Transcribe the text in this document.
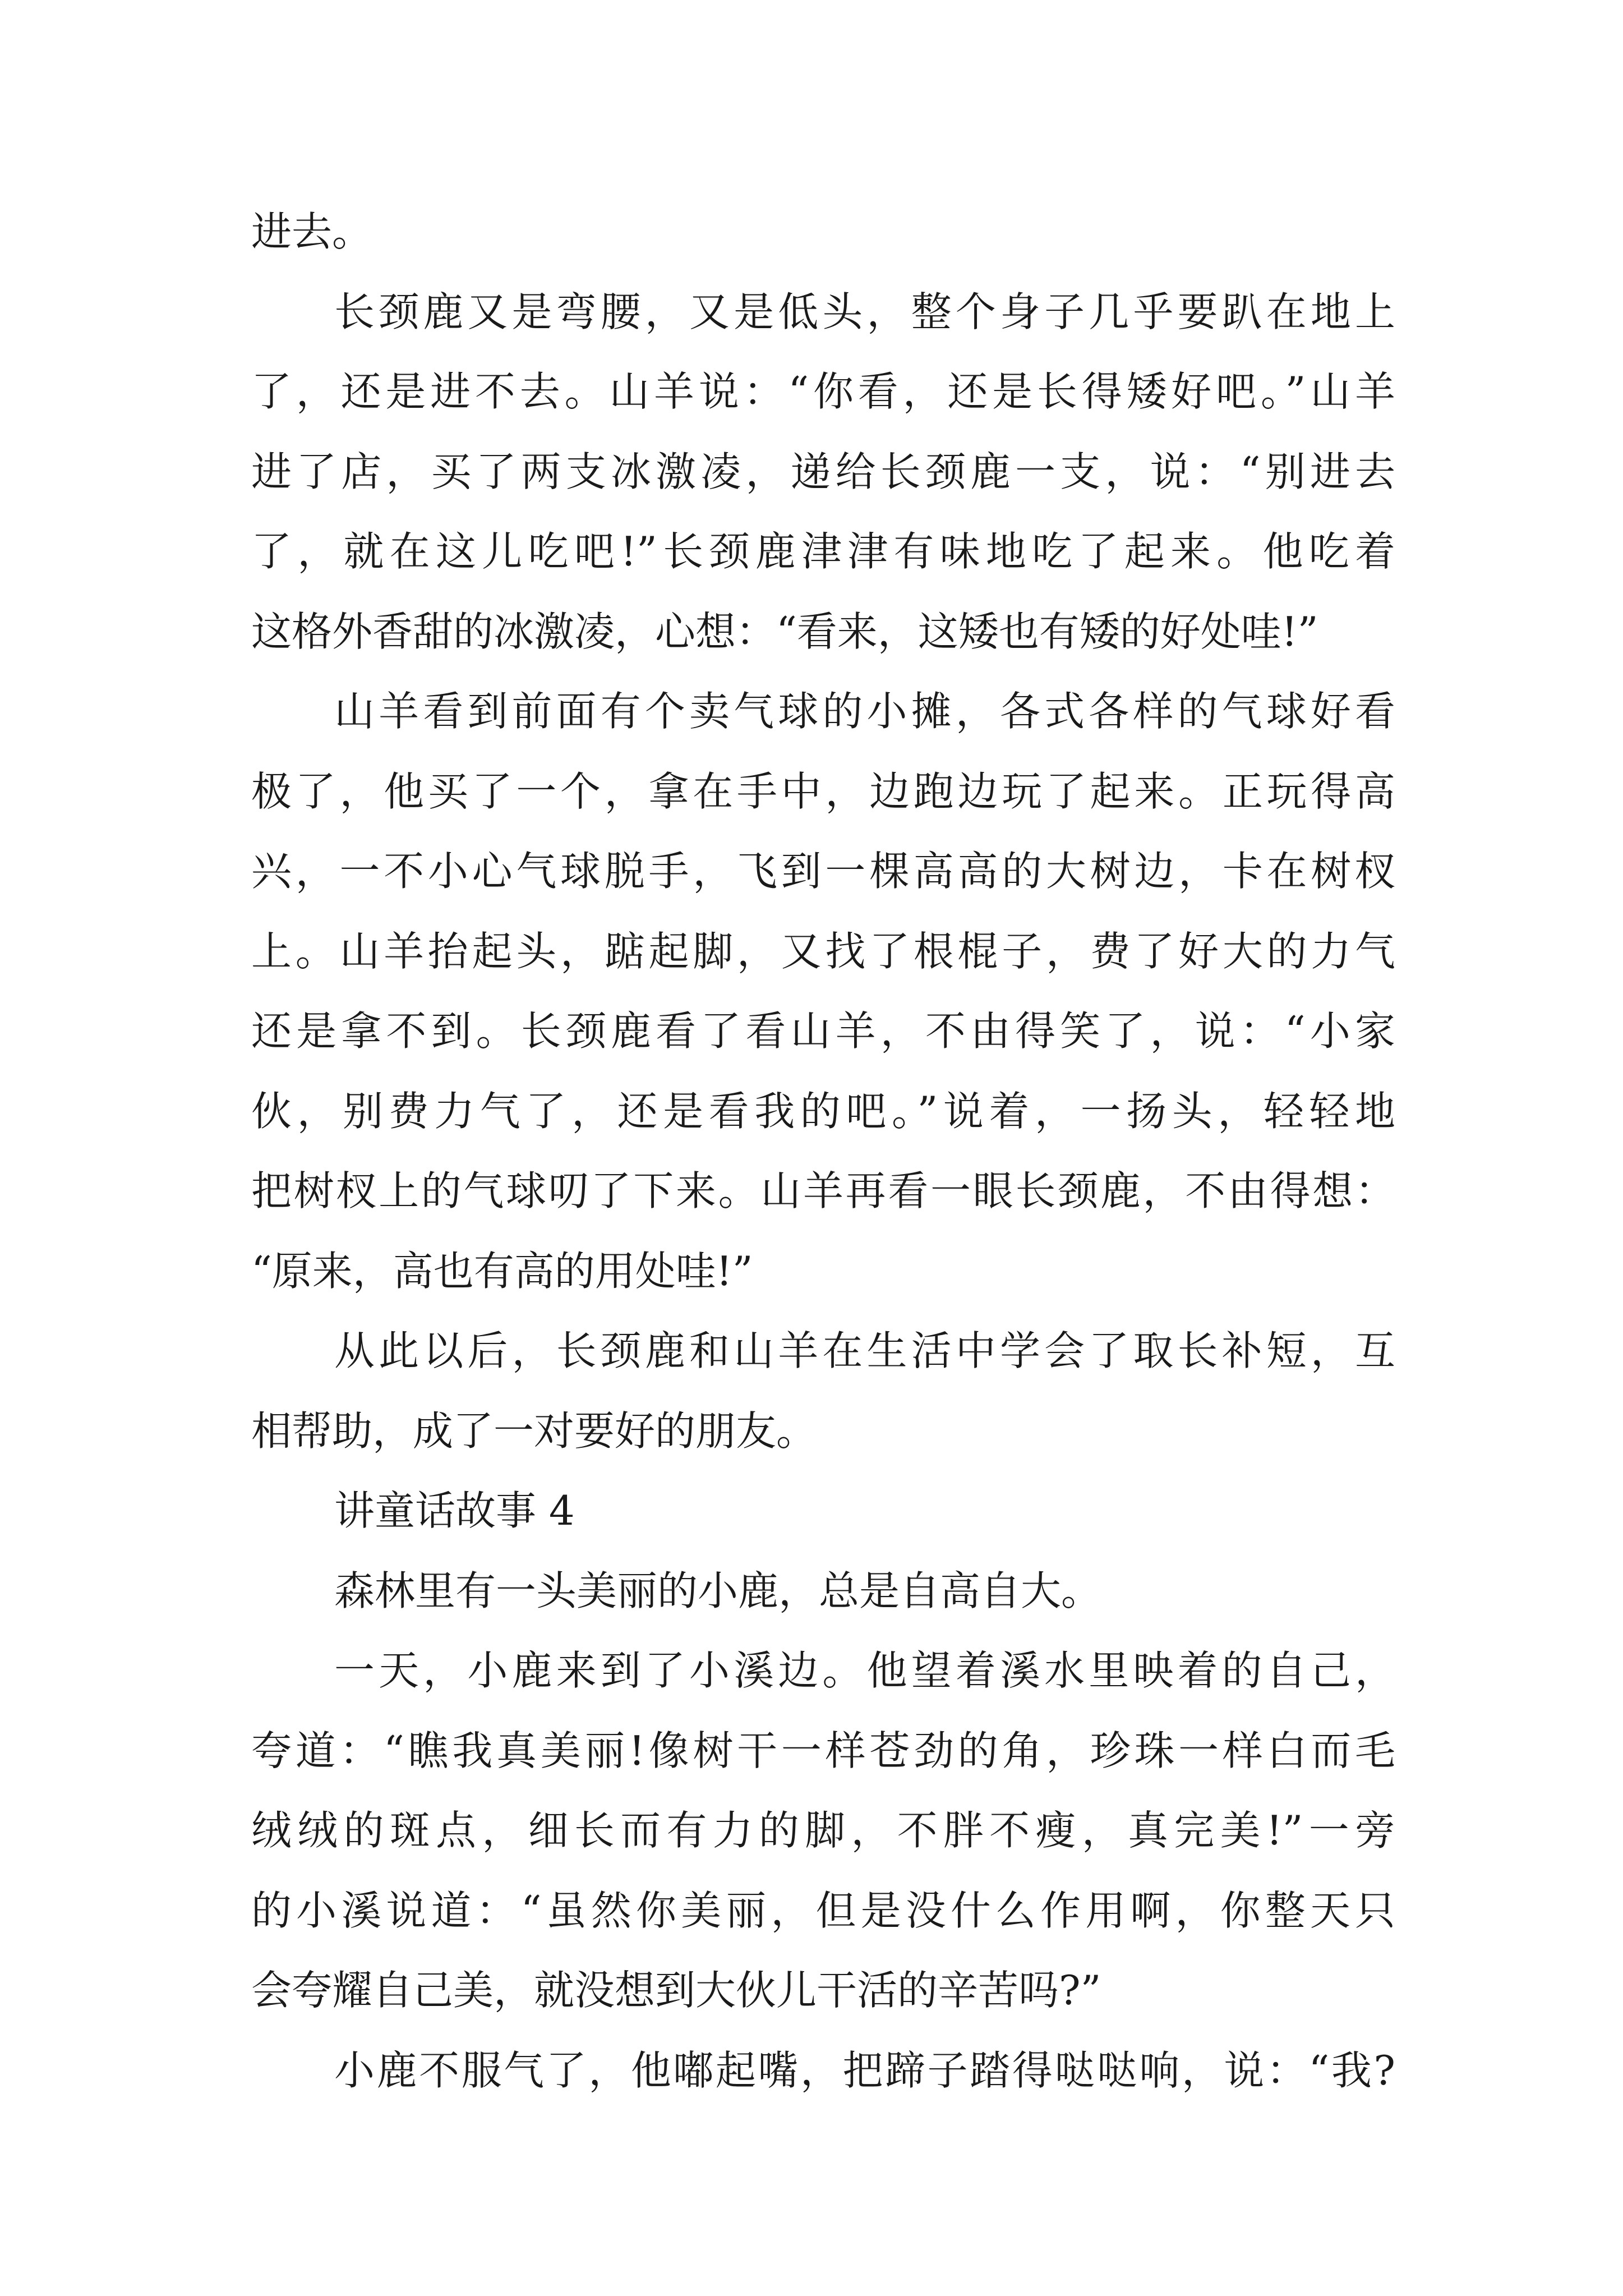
进去。
长颈鹿又是弯腰，又是低头，整个身子几乎要趴在地上
了，还是进不去。山羊说：“你看，还是长得矮好吧。”山羊
进了店，买了两支冰激凌，递给长颈鹿一支，说：“别进去
了，就在这儿吃吧!”长颈鹿津津有味地吃了起来。他吃着
这格外香甜的冰激凌，心想：“看来，这矮也有矮的好处哇!”
山羊看到前面有个卖气球的小摊，各式各样的气球好看
极了，他买了一个，拿在手中，边跑边玩了起来。正玩得高
兴，一不小心气球脱手，飞到一棵高高的大树边，卡在树杈
上。山羊抬起头，踮起脚，又找了根棍子，费了好大的力气
还是拿不到。长颈鹿看了看山羊，不由得笑了，说：“小家
伙，别费力气了，还是看我的吧。”说着，一扬头，轻轻地
把树杈上的气球叨了下来。山羊再看一眼长颈鹿，不由得想：
“原来，高也有高的用处哇!”
从此以后，长颈鹿和山羊在生活中学会了取长补短，互
相帮助，成了一对要好的朋友。
讲童话故事 4
森林里有一头美丽的小鹿，总是自高自大。
一天，小鹿来到了小溪边。他望着溪水里映着的自己，
夸道：“瞧我真美丽!像树干一样苍劲的角，珍珠一样白而毛
绒绒的斑点，细长而有力的脚，不胖不瘦，真完美!”一旁
的小溪说道：“虽然你美丽，但是没什么作用啊，你整天只
会夸耀自己美，就没想到大伙儿干活的辛苦吗?”
小鹿不服气了，他嘟起嘴，把蹄子踏得哒哒响，说：“我?
